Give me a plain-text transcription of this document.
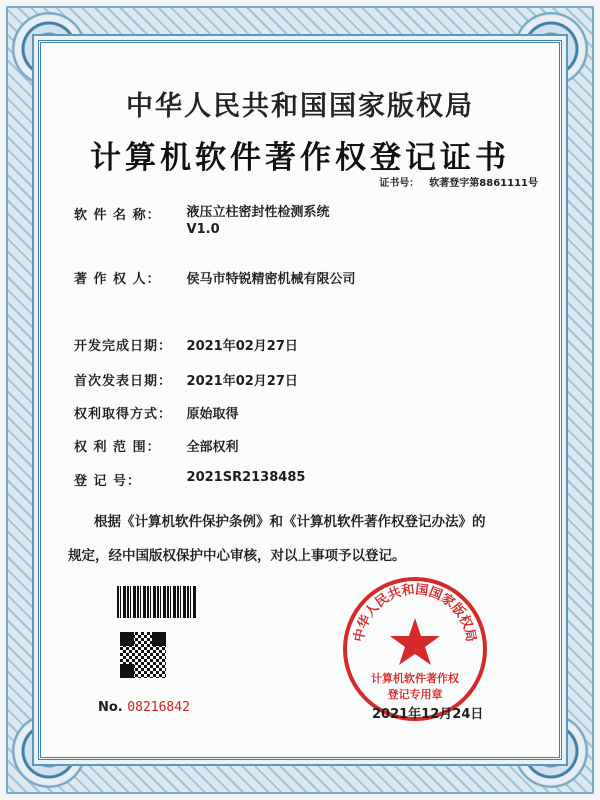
中华人民共和国国家版权局
计算机软件著作权登记证书
证书号： 软著登字第8861111号
软 件 名 称： 液压立柱密封性检测系统
V1.0
著 作 权 人： 侯马市特锐精密机械有限公司
开发完成日期： 2021年02月27日
首次发表日期： 2021年02月27日
权利取得方式： 原始取得
权 利 范 围： 全部权利
登 记 号：	2021SR2138485
根据《计算机软件保护条例》和《计算机软件著作权登记办法》的
规定，经中国版权保护中心审核，对以上事项予以登记。
No. 08216842
中华人民共和国国家版权局
计算机软件著作权
登记专用章
2021年12月24日
